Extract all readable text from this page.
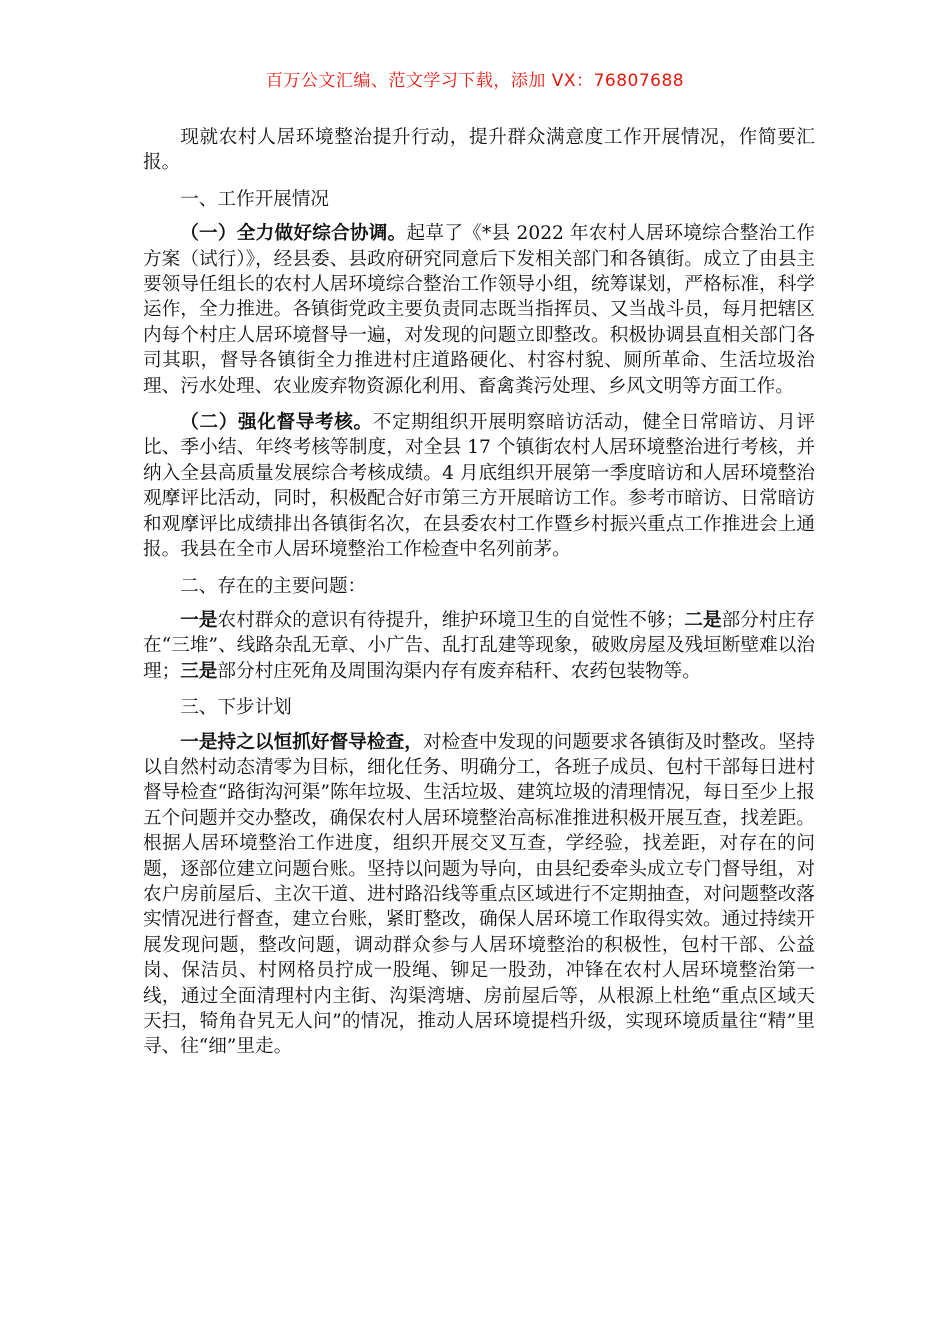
百万公文汇编、范文学习下载，添加 VX：76807688

现就农村人居环境整治提升行动，提升群众满意度工作开展情况，作简要汇报。

一、工作开展情况

（一）全力做好综合协调。起草了《*县 2022 年农村人居环境综合整治工作方案（试行）》，经县委、县政府研究同意后下发相关部门和各镇街。成立了由县主要领导任组长的农村人居环境综合整治工作领导小组，统筹谋划，严格标准，科学运作，全力推进。各镇街党政主要负责同志既当指挥员、又当战斗员，每月把辖区内每个村庄人居环境督导一遍，对发现的问题立即整改。积极协调县直相关部门各司其职，督导各镇街全力推进村庄道路硬化、村容村貌、厕所革命、生活垃圾治理、污水处理、农业废弃物资源化利用、畜禽粪污处理、乡风文明等方面工作。

（二）强化督导考核。不定期组织开展明察暗访活动，健全日常暗访、月评比、季小结、年终考核等制度，对全县 17 个镇街农村人居环境整治进行考核，并纳入全县高质量发展综合考核成绩。4 月底组织开展第一季度暗访和人居环境整治观摩评比活动，同时，积极配合好市第三方开展暗访工作。参考市暗访、日常暗访和观摩评比成绩排出各镇街名次，在县委农村工作暨乡村振兴重点工作推进会上通报。我县在全市人居环境整治工作检查中名列前茅。

二、存在的主要问题：

一是农村群众的意识有待提升，维护环境卫生的自觉性不够；二是部分村庄存在“三堆”、线路杂乱无章、小广告、乱打乱建等现象，破败房屋及残垣断壁难以治理；三是部分村庄死角及周围沟渠内存有废弃秸秆、农药包装物等。

三、下步计划

一是持之以恒抓好督导检查，对检查中发现的问题要求各镇街及时整改。坚持以自然村动态清零为目标，细化任务、明确分工，各班子成员、包村干部每日进村督导检查“路街沟河渠”陈年垃圾、生活垃圾、建筑垃圾的清理情况，每日至少上报五个问题并交办整改，确保农村人居环境整治高标准推进积极开展互查，找差距。根据人居环境整治工作进度，组织开展交叉互查，学经验，找差距，对存在的问题，逐部位建立问题台账。坚持以问题为导向，由县纪委牵头成立专门督导组，对农户房前屋后、主次干道、进村路沿线等重点区域进行不定期抽查，对问题整改落实情况进行督查，建立台账，紧盯整改，确保人居环境工作取得实效。通过持续开展发现问题，整改问题，调动群众参与人居环境整治的积极性，包村干部、公益岗、保洁员、村网格员拧成一股绳、铆足一股劲，冲锋在农村人居环境整治第一线，通过全面清理村内主街、沟渠湾塘、房前屋后等，从根源上杜绝“重点区域天天扫，犄角旮旯无人问”的情况，推动人居环境提档升级，实现环境质量往“精”里寻、往“细”里走。
